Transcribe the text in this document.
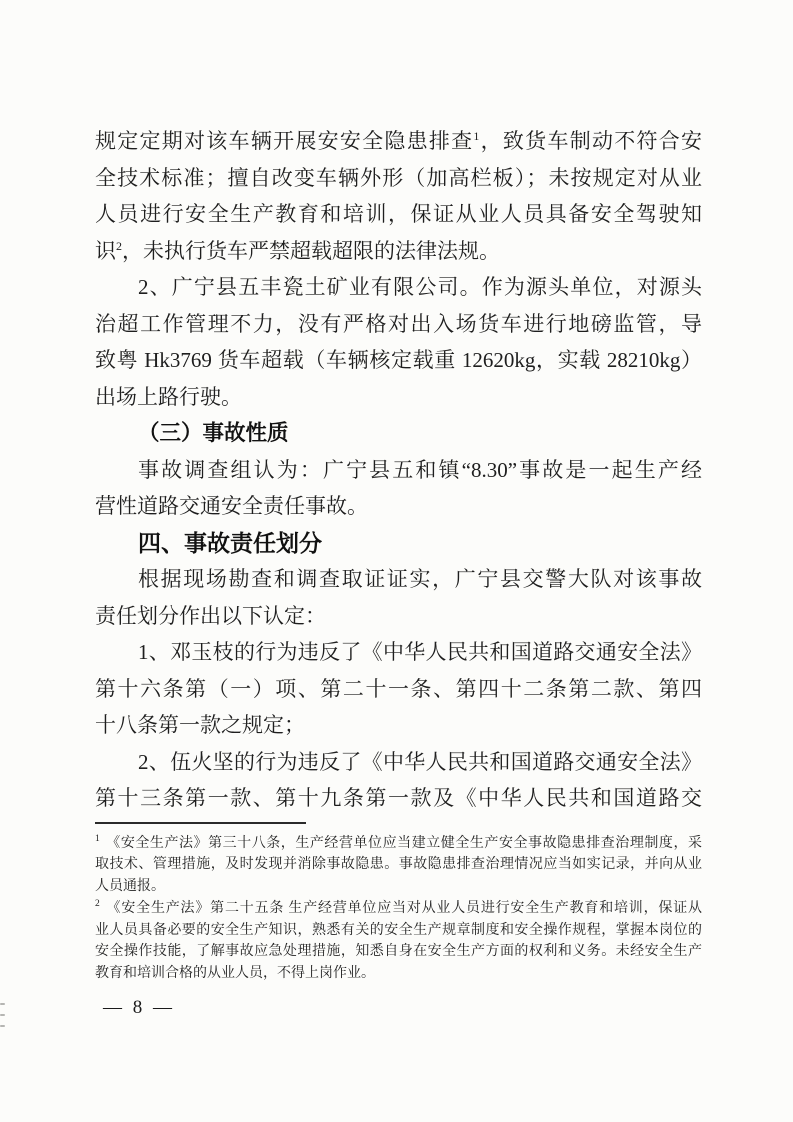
规定定期对该车辆开展安安全隐患排查$^1$，致货车制动不符合安
全技术标准；擅自改变车辆外形（加高栏板）；未按规定对从业
人员进行安全生产教育和培训，保证从业人员具备安全驾驶知
识$^2$，未执行货车严禁超载超限的法律法规。
2、广宁县五丰瓷土矿业有限公司。作为源头单位，对源头
治超工作管理不力，没有严格对出入场货车进行地磅监管，导
致粤 Hk3769 货车超载（车辆核定载重 12620kg，实载 28210kg）
出场上路行驶。
（三）事故性质
事故调查组认为：广宁县五和镇“8.30”事故是一起生产经
营性道路交通安全责任事故。
四、事故责任划分
根据现场勘查和调查取证证实，广宁县交警大队对该事故
责任划分作出以下认定：
1、邓玉枝的行为违反了《中华人民共和国道路交通安全法》
第十六条第（一）项、第二十一条、第四十二条第二款、第四
十八条第一款之规定；
2、伍火坚的行为违反了《中华人民共和国道路交通安全法》
第十三条第一款、第十九条第一款及《中华人民共和国道路交
$^1$ 《安全生产法》第三十八条，生产经营单位应当建立健全生产安全事故隐患排查治理制度，采
取技术、管理措施，及时发现并消除事故隐患。事故隐患排查治理情况应当如实记录，并向从业
人员通报。
$^2$ 《安全生产法》第二十五条 生产经营单位应当对从业人员进行安全生产教育和培训，保证从
业人员具备必要的安全生产知识，熟悉有关的安全生产规章制度和安全操作规程，掌握本岗位的
安全操作技能，了解事故应急处理措施，知悉自身在安全生产方面的权利和义务。未经安全生产
教育和培训合格的从业人员，不得上岗作业。
— 8 —
